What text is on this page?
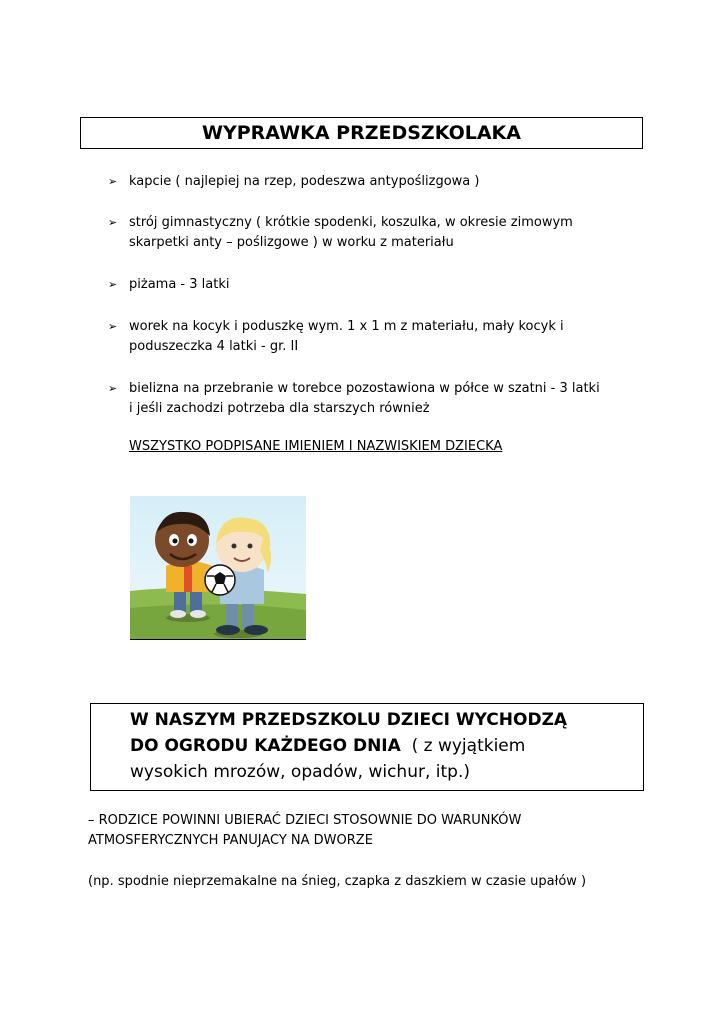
WYPRAWKA PRZEDSZKOLAKA
➢ kapcie ( najlepiej na rzep, podeszwa antypoślizgowa )
➢ strój gimnastyczny ( krótkie spodenki, koszulka, w okresie zimowym
skarpetki anty – poślizgowe ) w worku z materiału
➢ piżama - 3 latki
➢ worek na kocyk i poduszkę wym. 1 x 1 m z materiału, mały kocyk i
poduszeczka 4 latki - gr. II
➢ bielizna na przebranie w torebce pozostawiona w półce w szatni - 3 latki
i jeśli zachodzi potrzeba dla starszych również
WSZYSTKO PODPISANE IMIENIEM I NAZWISKIEM DZIECKA
W NASZYM PRZEDSZKOLU DZIECI WYCHODZĄ
DO OGRODU KAŻDEGO DNIA  ( z wyjątkiem
wysokich mrozów, opadów, wichur, itp.)
– RODZICE POWINNI UBIERAĆ DZIECI STOSOWNIE DO WARUNKÓW
ATMOSFERYCZNYCH PANUJACY NA DWORZE
(np. spodnie nieprzemakalne na śnieg, czapka z daszkiem w czasie upałów )
